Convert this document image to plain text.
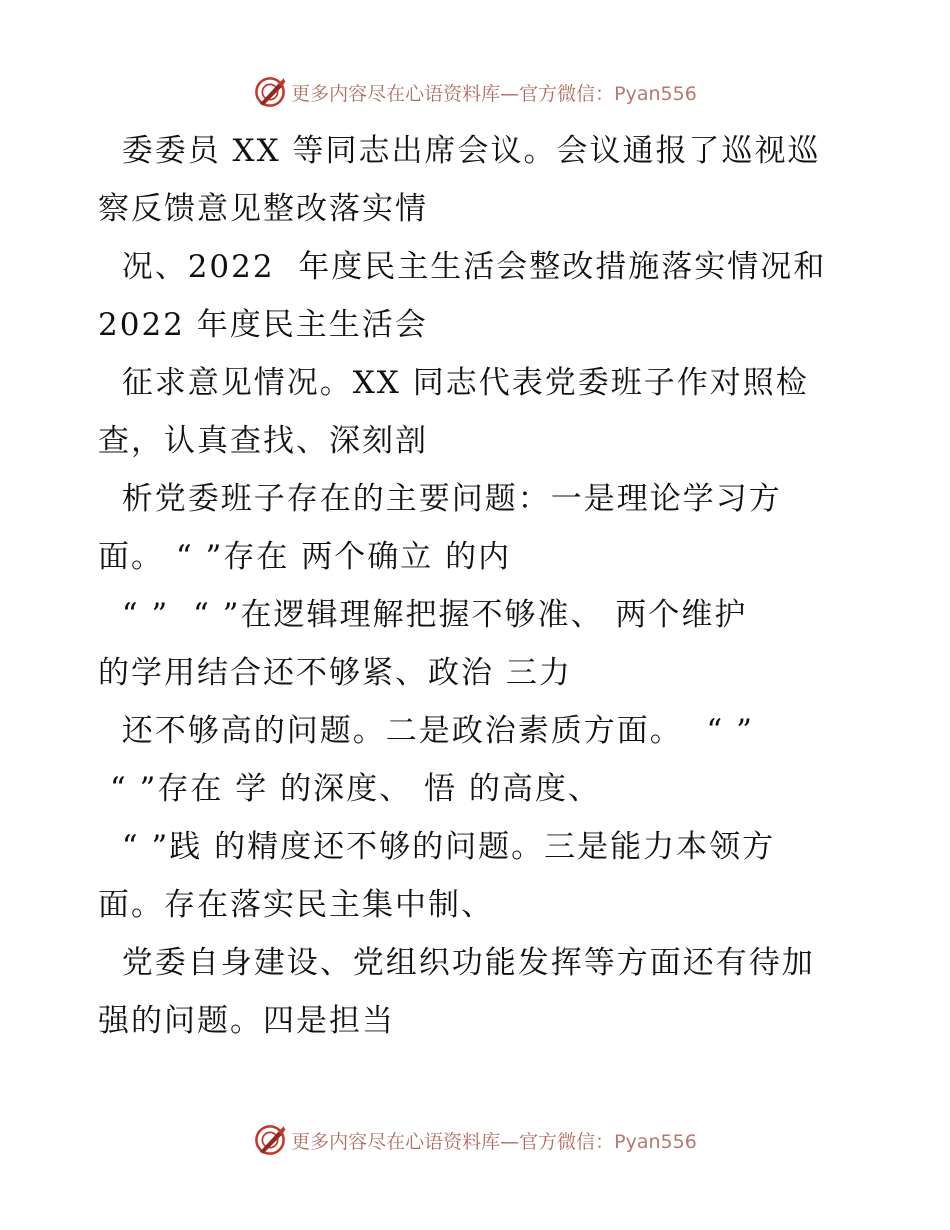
更多内容尽在心语资料库—官方微信：Pyan556
委委员 XX 等同志出席会议。会议通报了巡视巡
察反馈意见整改落实情
况、2022  年度民主生活会整改措施落实情况和
2022 年度民主生活会
征求意见情况。XX 同志代表党委班子作对照检
查，认真查找、深刻剖
析党委班子存在的主要问题：一是理论学习方
面。 “ ”存在 两个确立 的内
“ ”  “ ”在逻辑理解把握不够准、 两个维护
的学用结合还不够紧、政治 三力
还不够高的问题。二是政治素质方面。  “ ”
“ ”存在 学 的深度、 悟 的高度、
“ ”践 的精度还不够的问题。三是能力本领方
面。存在落实民主集中制、
党委自身建设、党组织功能发挥等方面还有待加
强的问题。四是担当
更多内容尽在心语资料库—官方微信：Pyan556
